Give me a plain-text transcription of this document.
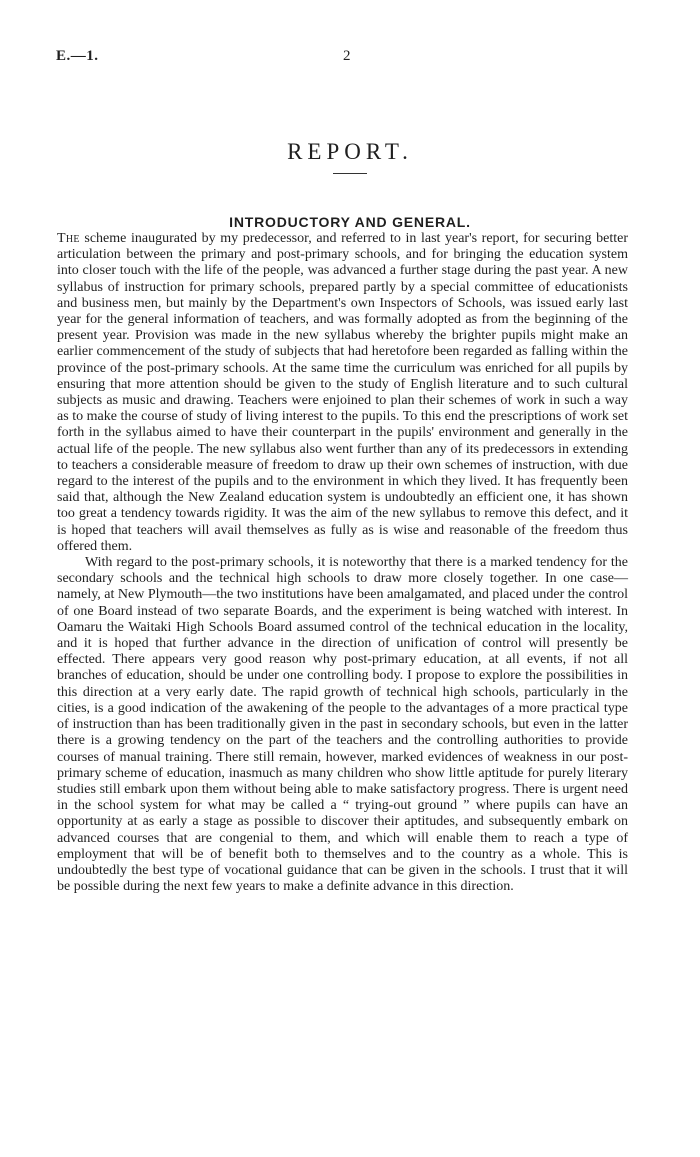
E.—1.	2
REPORT.
INTRODUCTORY AND GENERAL.

The scheme inaugurated by my predecessor, and referred to in last year's report, for securing better articulation between the primary and post-primary schools, and for bringing the education system into closer touch with the life of the people, was advanced a further stage during the past year. A new syllabus of instruction for primary schools, prepared partly by a special committee of educationists and business men, but mainly by the Department's own Inspectors of Schools, was issued early last year for the general information of teachers, and was formally adopted as from the beginning of the present year. Provision was made in the new syllabus whereby the brighter pupils might make an earlier commencement of the study of subjects that had heretofore been regarded as falling within the province of the post-primary schools. At the same time the curriculum was enriched for all pupils by ensuring that more attention should be given to the study of English literature and to such cultural subjects as music and drawing. Teachers were enjoined to plan their schemes of work in such a way as to make the course of study of living interest to the pupils. To this end the prescriptions of work set forth in the syllabus aimed to have their counterpart in the pupils' environment and generally in the actual life of the people. The new syllabus also went further than any of its predecessors in extending to teachers a considerable measure of freedom to draw up their own schemes of instruction, with due regard to the interest of the pupils and to the environment in which they lived. It has frequently been said that, although the New Zealand education system is undoubtedly an efficient one, it has shown too great a tendency towards rigidity. It was the aim of the new syllabus to remove this defect, and it is hoped that teachers will avail themselves as fully as is wise and reasonable of the freedom thus offered them.

With regard to the post-primary schools, it is noteworthy that there is a marked tendency for the secondary schools and the technical high schools to draw more closely together. In one case—namely, at New Plymouth—the two institutions have been amalgamated, and placed under the control of one Board instead of two separate Boards, and the experiment is being watched with interest. In Oamaru the Waitaki High Schools Board assumed control of the technical education in the locality, and it is hoped that further advance in the direction of unification of control will presently be effected. There appears very good reason why post-primary education, at all events, if not all branches of education, should be under one controlling body. I propose to explore the possibilities in this direction at a very early date. The rapid growth of technical high schools, particularly in the cities, is a good indication of the awakening of the people to the advantages of a more practical type of instruction than has been traditionally given in the past in secondary schools, but even in the latter there is a growing tendency on the part of the teachers and the controlling authorities to provide courses of manual training. There still remain, however, marked evidences of weakness in our post-primary scheme of education, inasmuch as many children who show little aptitude for purely literary studies still embark upon them without being able to make satisfactory progress. There is urgent need in the school system for what may be called a “ trying-out ground ” where pupils can have an opportunity at as early a stage as possible to discover their aptitudes, and subsequently embark on advanced courses that are congenial to them, and which will enable them to reach a type of employment that will be of benefit both to themselves and to the country as a whole. This is undoubtedly the best type of vocational guidance that can be given in the schools. I trust that it will be possible during the next few years to make a definite advance in this direction.
